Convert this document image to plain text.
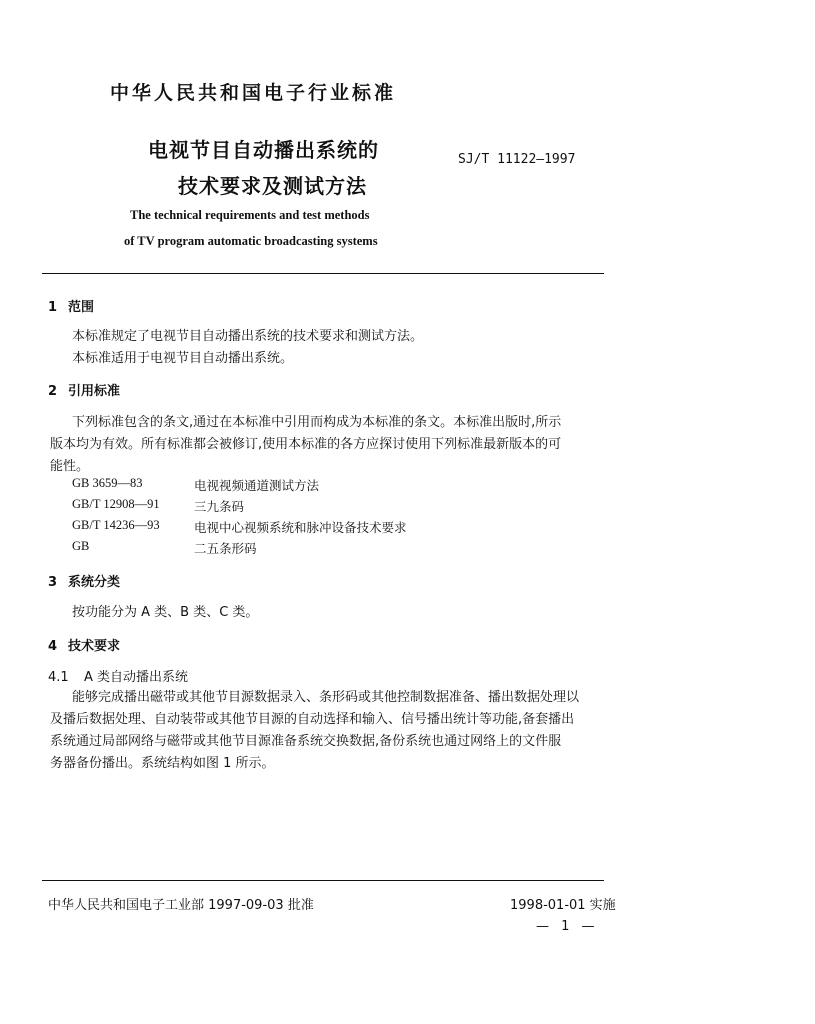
中华人民共和国电子行业标准
电视节目自动播出系统的
技术要求及测试方法
SJ/T 11122—1997
The technical requirements and test methods
of TV program automatic broadcasting systems
1 范围
本标准规定了电视节目自动播出系统的技术要求和测试方法。
本标准适用于电视节目自动播出系统。
2 引用标准
下列标准包含的条文,通过在本标准中引用而构成为本标准的条文。本标准出版时,所示
版本均为有效。所有标准都会被修订,使用本标准的各方应探讨使用下列标准最新版本的可
能性。
GB 3659—83	电视视频通道测试方法
GB/T 12908—91	三九条码
GB/T 14236—93	电视中心视频系统和脉冲设备技术要求
GB	二五条形码
3 系统分类
按功能分为 A 类、B 类、C 类。
4 技术要求
4.1 A 类自动播出系统
能够完成播出磁带或其他节目源数据录入、条形码或其他控制数据准备、播出数据处理以
及播后数据处理、自动装带或其他节目源的自动选择和输入、信号播出统计等功能,备套播出
系统通过局部网络与磁带或其他节目源准备系统交换数据,备份系统也通过网络上的文件服
务器备份播出。系统结构如图 1 所示。
中华人民共和国电子工业部 1997-09-03 批准	1998-01-01 实施
— 1 —
